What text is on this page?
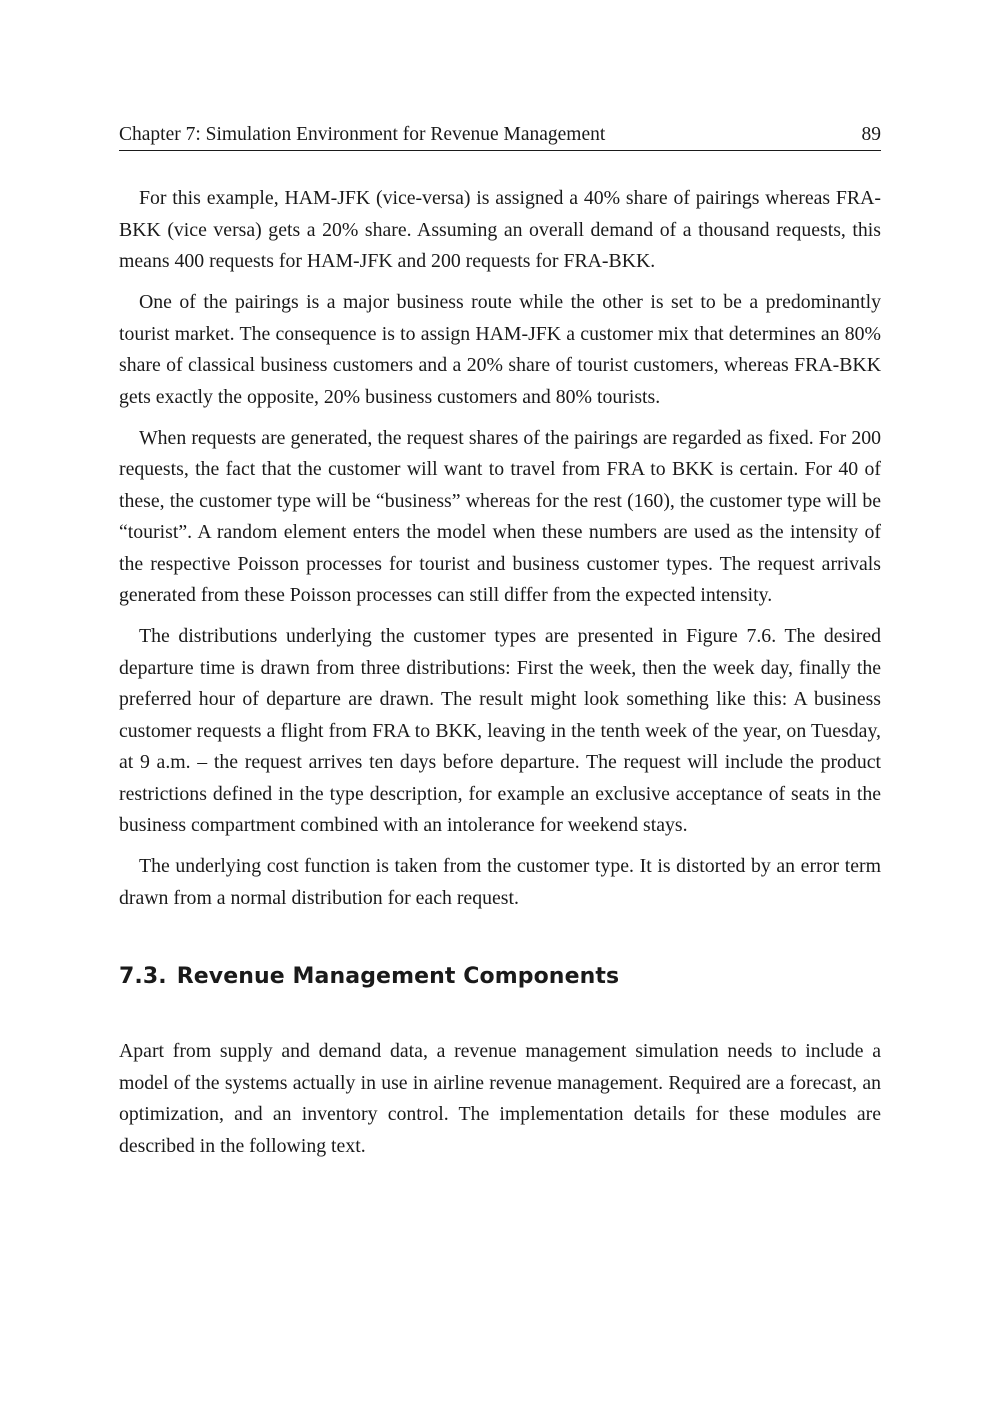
Chapter 7: Simulation Environment for Revenue Management	89

For this example, HAM-JFK (vice-versa) is assigned a 40% share of pairings whereas FRA-BKK (vice versa) gets a 20% share. Assuming an overall demand of a thousand requests, this means 400 requests for HAM-JFK and 200 requests for FRA-BKK.

One of the pairings is a major business route while the other is set to be a predominantly tourist market. The consequence is to assign HAM-JFK a customer mix that determines an 80% share of classical business customers and a 20% share of tourist customers, whereas FRA-BKK gets exactly the opposite, 20% business customers and 80% tourists.

When requests are generated, the request shares of the pairings are regarded as fixed. For 200 requests, the fact that the customer will want to travel from FRA to BKK is certain. For 40 of these, the customer type will be “business” whereas for the rest (160), the customer type will be “tourist”. A random element enters the model when these numbers are used as the intensity of the respective Poisson processes for tourist and business customer types. The request arrivals generated from these Poisson processes can still differ from the expected intensity.

The distributions underlying the customer types are presented in Figure 7.6. The desired departure time is drawn from three distributions: First the week, then the week day, finally the preferred hour of departure are drawn. The result might look something like this: A business customer requests a flight from FRA to BKK, leaving in the tenth week of the year, on Tuesday, at 9 a.m. – the request arrives ten days before departure. The request will include the product restrictions defined in the type description, for example an exclusive acceptance of seats in the business compartment combined with an intolerance for weekend stays.

The underlying cost function is taken from the customer type. It is distorted by an error term drawn from a normal distribution for each request.

7.3. Revenue Management Components

Apart from supply and demand data, a revenue management simulation needs to include a model of the systems actually in use in airline revenue management. Required are a forecast, an optimization, and an inventory control. The implementation details for these modules are described in the following text.
